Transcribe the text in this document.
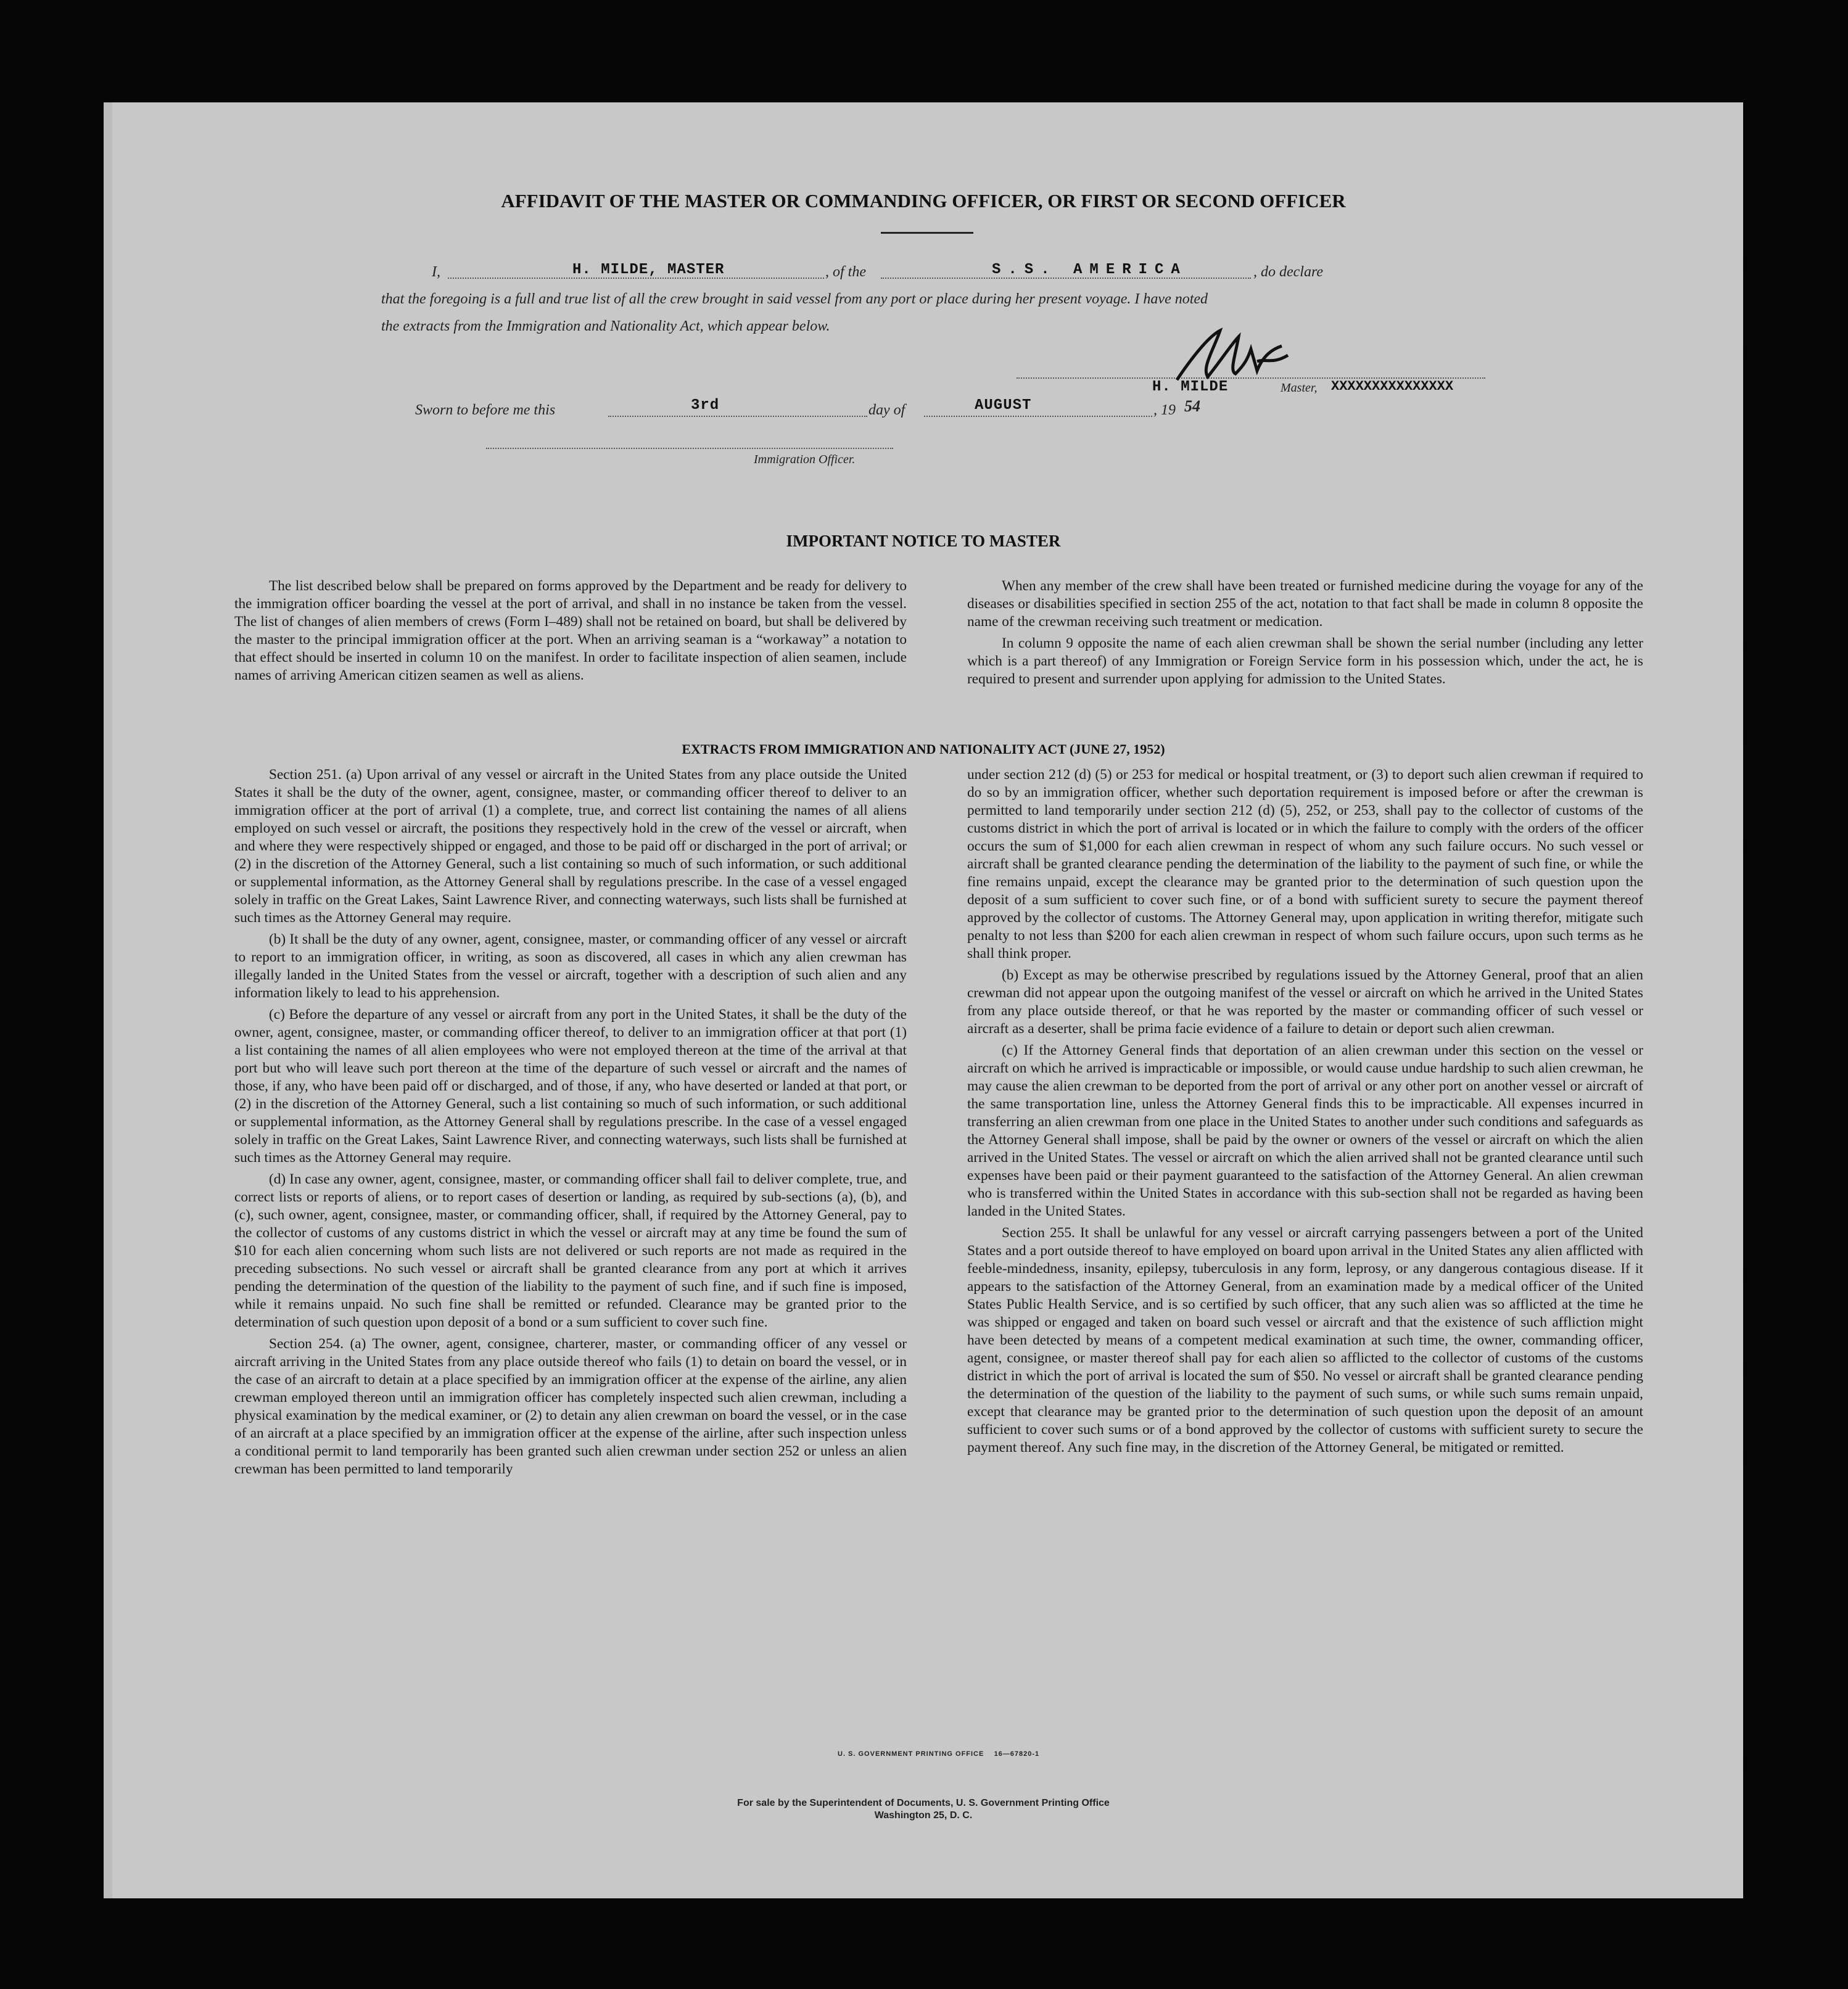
AFFIDAVIT OF THE MASTER OR COMMANDING OFFICER, OR FIRST OR SECOND OFFICER
I,	H. MILDE, MASTER	, of the	S.S. AMERICA	, do declare
that the foregoing is a full and true list of all the crew brought in said vessel from any port or place during her present voyage. I have noted
the extracts from the Immigration and Nationality Act, which appear below.
H. MILDE	Master, XXXXXXXXXXXXXXX
Sworn to before me this	3rd	day of	AUGUST	, 19 54
Immigration Officer.
IMPORTANT NOTICE TO MASTER

The list described below shall be prepared on forms approved by the Department and be ready for delivery to the immigration officer boarding the vessel at the port of arrival, and shall in no instance be taken from the vessel. The list of changes of alien members of crews (Form I–489) shall not be retained on board, but shall be delivered by the master to the principal immigration officer at the port. When an arriving seaman is a “workaway” a notation to that effect should be inserted in column 10 on the manifest. In order to facilitate inspection of alien seamen, include names of arriving American citizen seamen as well as aliens.

When any member of the crew shall have been treated or furnished medicine during the voyage for any of the diseases or disabilities specified in section 255 of the act, notation to that fact shall be made in column 8 opposite the name of the crewman receiving such treatment or medication.

In column 9 opposite the name of each alien crewman shall be shown the serial number (including any letter which is a part thereof) of any Immigration or Foreign Service form in his possession which, under the act, he is required to present and surrender upon applying for admission to the United States.

EXTRACTS FROM IMMIGRATION AND NATIONALITY ACT (JUNE 27, 1952)

Section 251. (a) Upon arrival of any vessel or aircraft in the United States from any place outside the United States it shall be the duty of the owner, agent, consignee, master, or commanding officer thereof to deliver to an immigration officer at the port of arrival (1) a complete, true, and correct list containing the names of all aliens employed on such vessel or aircraft, the positions they respectively hold in the crew of the vessel or aircraft, when and where they were respectively shipped or engaged, and those to be paid off or discharged in the port of arrival; or (2) in the discretion of the Attorney General, such a list containing so much of such information, or such additional or supplemental information, as the Attorney General shall by regulations prescribe. In the case of a vessel engaged solely in traffic on the Great Lakes, Saint Lawrence River, and connecting waterways, such lists shall be furnished at such times as the Attorney General may require.

(b) It shall be the duty of any owner, agent, consignee, master, or commanding officer of any vessel or aircraft to report to an immigration officer, in writing, as soon as discovered, all cases in which any alien crewman has illegally landed in the United States from the vessel or aircraft, together with a description of such alien and any information likely to lead to his apprehension.

(c) Before the departure of any vessel or aircraft from any port in the United States, it shall be the duty of the owner, agent, consignee, master, or commanding officer thereof, to deliver to an immigration officer at that port (1) a list containing the names of all alien employees who were not employed thereon at the time of the arrival at that port but who will leave such port thereon at the time of the departure of such vessel or aircraft and the names of those, if any, who have been paid off or discharged, and of those, if any, who have deserted or landed at that port, or (2) in the discretion of the Attorney General, such a list containing so much of such information, or such additional or supplemental information, as the Attorney General shall by regulations prescribe. In the case of a vessel engaged solely in traffic on the Great Lakes, Saint Lawrence River, and connecting waterways, such lists shall be furnished at such times as the Attorney General may require.

(d) In case any owner, agent, consignee, master, or commanding officer shall fail to deliver complete, true, and correct lists or reports of aliens, or to report cases of desertion or landing, as required by sub-sections (a), (b), and (c), such owner, agent, consignee, master, or commanding officer, shall, if required by the Attorney General, pay to the collector of customs of any customs district in which the vessel or aircraft may at any time be found the sum of $10 for each alien concerning whom such lists are not delivered or such reports are not made as required in the preceding subsections. No such vessel or aircraft shall be granted clearance from any port at which it arrives pending the determination of the question of the liability to the payment of such fine, and if such fine is imposed, while it remains unpaid. No such fine shall be remitted or refunded. Clearance may be granted prior to the determination of such question upon deposit of a bond or a sum sufficient to cover such fine.

Section 254. (a) The owner, agent, consignee, charterer, master, or commanding officer of any vessel or aircraft arriving in the United States from any place outside thereof who fails (1) to detain on board the vessel, or in the case of an aircraft to detain at a place specified by an immigration officer at the expense of the airline, any alien crewman employed thereon until an immigration officer has completely inspected such alien crewman, including a physical examination by the medical examiner, or (2) to detain any alien crewman on board the vessel, or in the case of an aircraft at a place specified by an immigration officer at the expense of the airline, after such inspection unless a conditional permit to land temporarily has been granted such alien crewman under section 252 or unless an alien crewman has been permitted to land temporarily

under section 212 (d) (5) or 253 for medical or hospital treatment, or (3) to deport such alien crewman if required to do so by an immigration officer, whether such deportation requirement is imposed before or after the crewman is permitted to land temporarily under section 212 (d) (5), 252, or 253, shall pay to the collector of customs of the customs district in which the port of arrival is located or in which the failure to comply with the orders of the officer occurs the sum of $1,000 for each alien crewman in respect of whom any such failure occurs. No such vessel or aircraft shall be granted clearance pending the determination of the liability to the payment of such fine, or while the fine remains unpaid, except the clearance may be granted prior to the determination of such question upon the deposit of a sum sufficient to cover such fine, or of a bond with sufficient surety to secure the payment thereof approved by the collector of customs. The Attorney General may, upon application in writing therefor, mitigate such penalty to not less than $200 for each alien crewman in respect of whom such failure occurs, upon such terms as he shall think proper.

(b) Except as may be otherwise prescribed by regulations issued by the Attorney General, proof that an alien crewman did not appear upon the outgoing manifest of the vessel or aircraft on which he arrived in the United States from any place outside thereof, or that he was reported by the master or commanding officer of such vessel or aircraft as a deserter, shall be prima facie evidence of a failure to detain or deport such alien crewman.

(c) If the Attorney General finds that deportation of an alien crewman under this section on the vessel or aircraft on which he arrived is impracticable or impossible, or would cause undue hardship to such alien crewman, he may cause the alien crewman to be deported from the port of arrival or any other port on another vessel or aircraft of the same transportation line, unless the Attorney General finds this to be impracticable. All expenses incurred in transferring an alien crewman from one place in the United States to another under such conditions and safeguards as the Attorney General shall impose, shall be paid by the owner or owners of the vessel or aircraft on which the alien arrived in the United States. The vessel or aircraft on which the alien arrived shall not be granted clearance until such expenses have been paid or their payment guaranteed to the satisfaction of the Attorney General. An alien crewman who is transferred within the United States in accordance with this sub-section shall not be regarded as having been landed in the United States.

Section 255. It shall be unlawful for any vessel or aircraft carrying passengers between a port of the United States and a port outside thereof to have employed on board upon arrival in the United States any alien afflicted with feeble-mindedness, insanity, epilepsy, tuberculosis in any form, leprosy, or any dangerous contagious disease. If it appears to the satisfaction of the Attorney General, from an examination made by a medical officer of the United States Public Health Service, and is so certified by such officer, that any such alien was so afflicted at the time he was shipped or engaged and taken on board such vessel or aircraft and that the existence of such affliction might have been detected by means of a competent medical examination at such time, the owner, commanding officer, agent, consignee, or master thereof shall pay for each alien so afflicted to the collector of customs of the customs district in which the port of arrival is located the sum of $50. No vessel or aircraft shall be granted clearance pending the determination of the question of the liability to the payment of such sums, or while such sums remain unpaid, except that clearance may be granted prior to the determination of such question upon the deposit of an amount sufficient to cover such sums or of a bond approved by the collector of customs with sufficient surety to secure the payment thereof. Any such fine may, in the discretion of the Attorney General, be mitigated or remitted.

U. S. GOVERNMENT PRINTING OFFICE    16—67820-1
For sale by the Superintendent of Documents, U. S. Government Printing Office
Washington 25, D. C.
